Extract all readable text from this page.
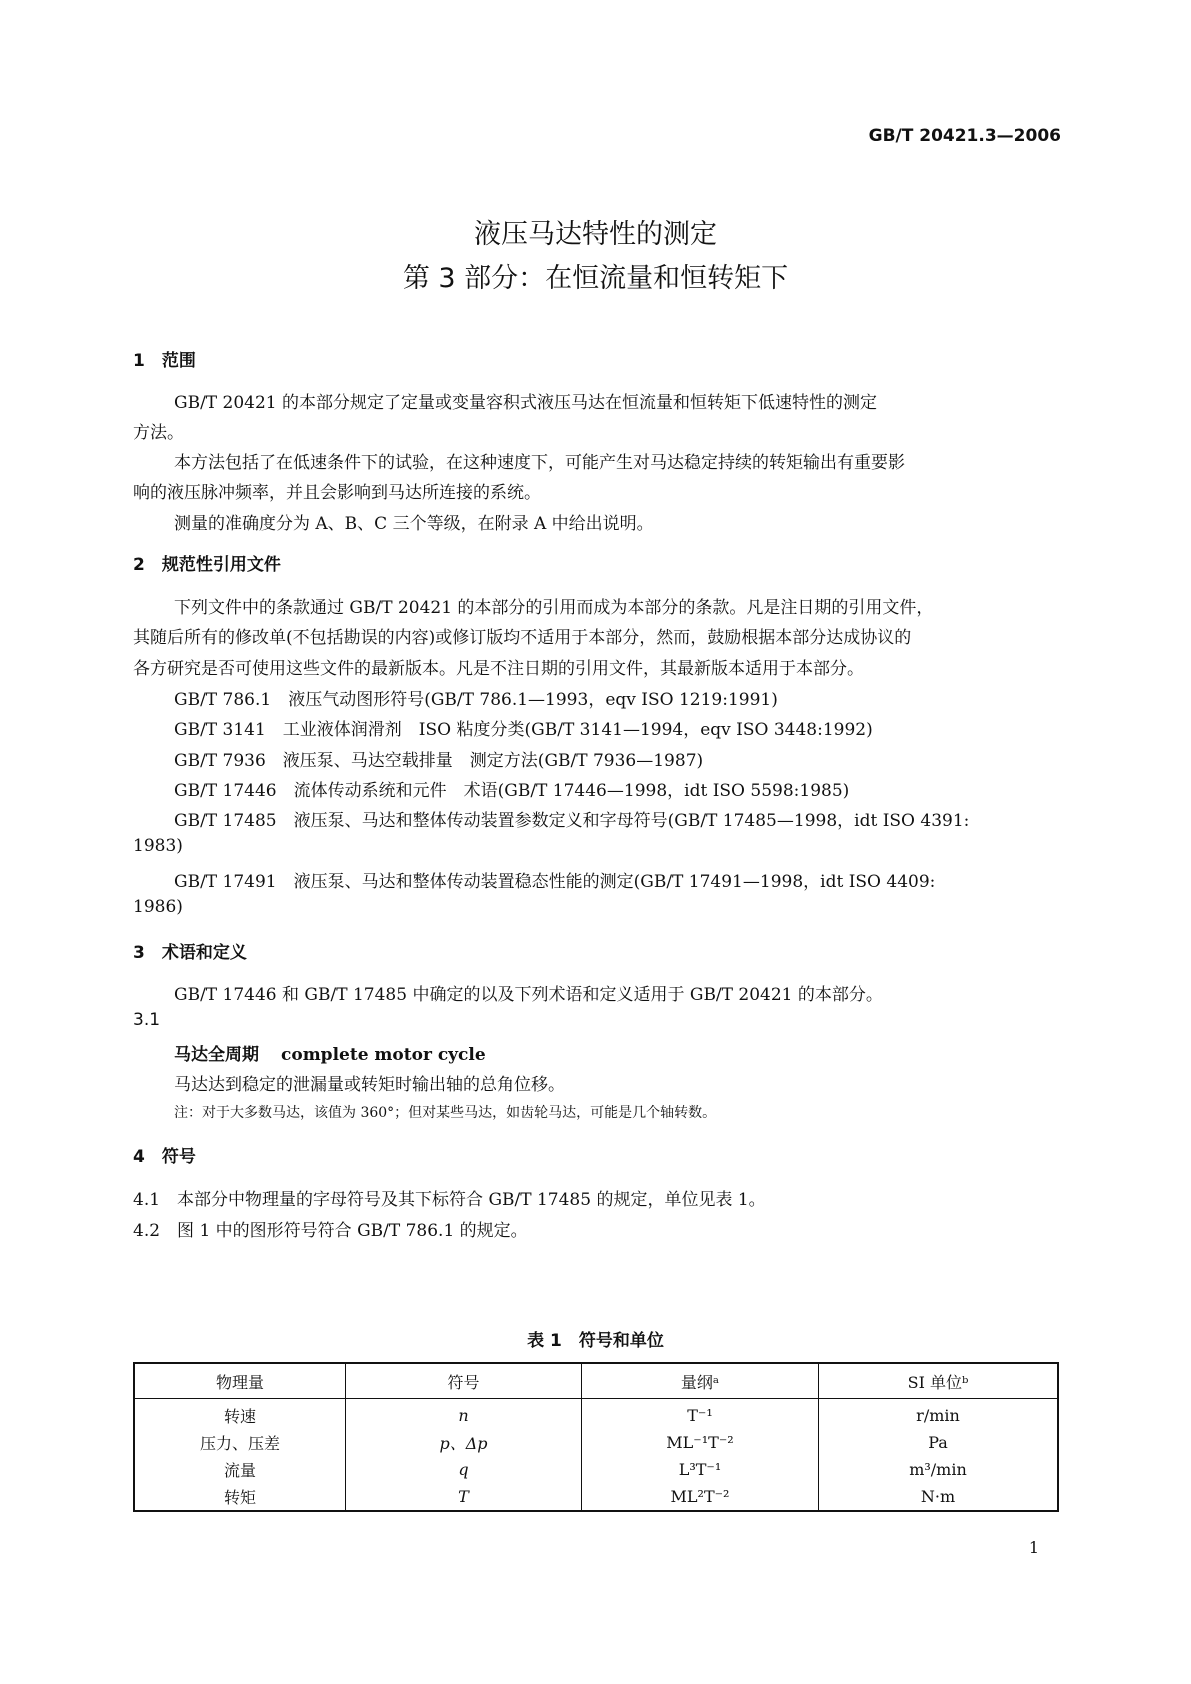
GB/T 20421.3—2006
液压马达特性的测定
第 3 部分：在恒流量和恒转矩下
1　范围
GB/T 20421 的本部分规定了定量或变量容积式液压马达在恒流量和恒转矩下低速特性的测定
方法。
本方法包括了在低速条件下的试验，在这种速度下，可能产生对马达稳定持续的转矩输出有重要影
响的液压脉冲频率，并且会影响到马达所连接的系统。
测量的准确度分为 A、B、C 三个等级，在附录 A 中给出说明。
2　规范性引用文件
下列文件中的条款通过 GB/T 20421 的本部分的引用而成为本部分的条款。凡是注日期的引用文件，
其随后所有的修改单(不包括勘误的内容)或修订版均不适用于本部分，然而，鼓励根据本部分达成协议的
各方研究是否可使用这些文件的最新版本。凡是不注日期的引用文件，其最新版本适用于本部分。
GB/T 786.1　液压气动图形符号(GB/T 786.1—1993，eqv ISO 1219:1991)
GB/T 3141　工业液体润滑剂　ISO 粘度分类(GB/T 3141—1994，eqv ISO 3448:1992)
GB/T 7936　液压泵、马达空载排量　测定方法(GB/T 7936—1987)
GB/T 17446　流体传动系统和元件　术语(GB/T 17446—1998，idt ISO 5598:1985)
GB/T 17485　液压泵、马达和整体传动装置参数定义和字母符号(GB/T 17485—1998，idt ISO 4391:
1983)
GB/T 17491　液压泵、马达和整体传动装置稳态性能的测定(GB/T 17491—1998，idt ISO 4409:
1986)
3　术语和定义
GB/T 17446 和 GB/T 17485 中确定的以及下列术语和定义适用于 GB/T 20421 的本部分。
3.1
马达全周期 complete motor cycle
马达达到稳定的泄漏量或转矩时输出轴的总角位移。
注：对于大多数马达，该值为 360°；但对某些马达，如齿轮马达，可能是几个轴转数。
4　符号
4.1　本部分中物理量的字母符号及其下标符合 GB/T 17485 的规定，单位见表 1。
4.2　图 1 中的图形符号符合 GB/T 786.1 的规定。
表 1　符号和单位
物理量	符号	量纲ᵃ	SI 单位ᵇ
转速	n	T⁻¹	r/min
压力、压差	p、Δp	ML⁻¹T⁻²	Pa
流量	q	L³T⁻¹	m³/min
转矩	T	ML²T⁻²	N·m
1
